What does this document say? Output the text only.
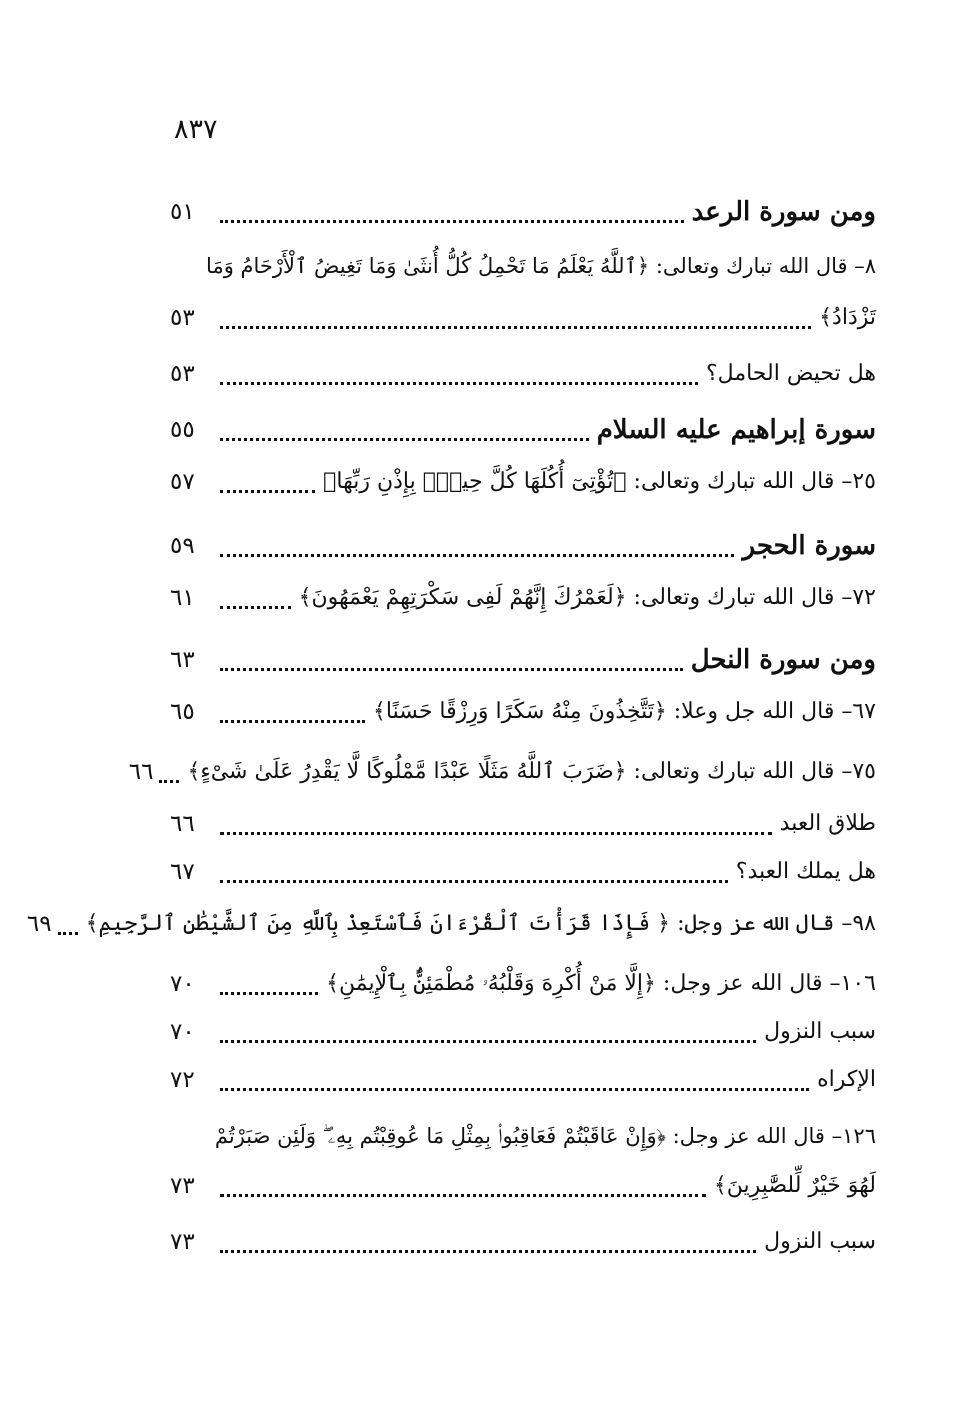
٨٣٧
ومن سورة الرعد
٥١
٨– قال الله تبارك وتعالى: ﴿ٱللَّهُ يَعْلَمُ مَا تَحْمِلُ كُلُّ أُنثَىٰ وَمَا تَغِيضُ ٱلْأَرْحَامُ وَمَا
تَزْدَادُ﴾
٥٣
هل تحيض الحامل؟
٥٣
سورة إبراهيم عليه السلام
٥٥
٢٥– قال الله تبارك وتعالى: ﴿تُؤْتِىٓ أُكُلَهَا كُلَّ حِينٍۭ بِإِذْنِ رَبِّهَا﴾
٥٧
سورة الحجر
٥٩
٧٢– قال الله تبارك وتعالى: ﴿لَعَمْرُكَ إِنَّهُمْ لَفِى سَكْرَتِهِمْ يَعْمَهُونَ﴾
٦١
ومن سورة النحل
٦٣
٦٧– قال الله جل وعلا: ﴿تَتَّخِذُونَ مِنْهُ سَكَرًا وَرِزْقًا حَسَنًا﴾
٦٥
٧٥– قال الله تبارك وتعالى: ﴿ضَرَبَ ٱللَّهُ مَثَلًا عَبْدًا مَّمْلُوكًا لَّا يَقْدِرُ عَلَىٰ شَىْءٍ﴾
٦٦
طلاق العبد
٦٦
هل يملك العبد؟
٦٧
٩٨– قال الله عز وجل: ﴿ فَإِذَا قَرَأْتَ ٱلْقُرْءَانَ فَٱسْتَعِذْ بِٱللَّهِ مِنَ ٱلشَّيْطَٰنِ ٱلرَّجِيمِ﴾
٦٩
١٠٦– قال الله عز وجل: ﴿إِلَّا مَنْ أُكْرِهَ وَقَلْبُهُۥ مُطْمَئِنٌّۢ بِٱلْإِيمَٰنِ﴾
٧٠
سبب النزول
٧٠
الإكراه
٧٢
١٢٦– قال الله عز وجل: ﴿وَإِنْ عَاقَبْتُمْ فَعَاقِبُوا۟ بِمِثْلِ مَا عُوقِبْتُم بِهِۦ ۖ وَلَئِن صَبَرْتُمْ
لَهُوَ خَيْرٌ لِّلصَّٰبِرِينَ﴾
٧٣
سبب النزول
٧٣
